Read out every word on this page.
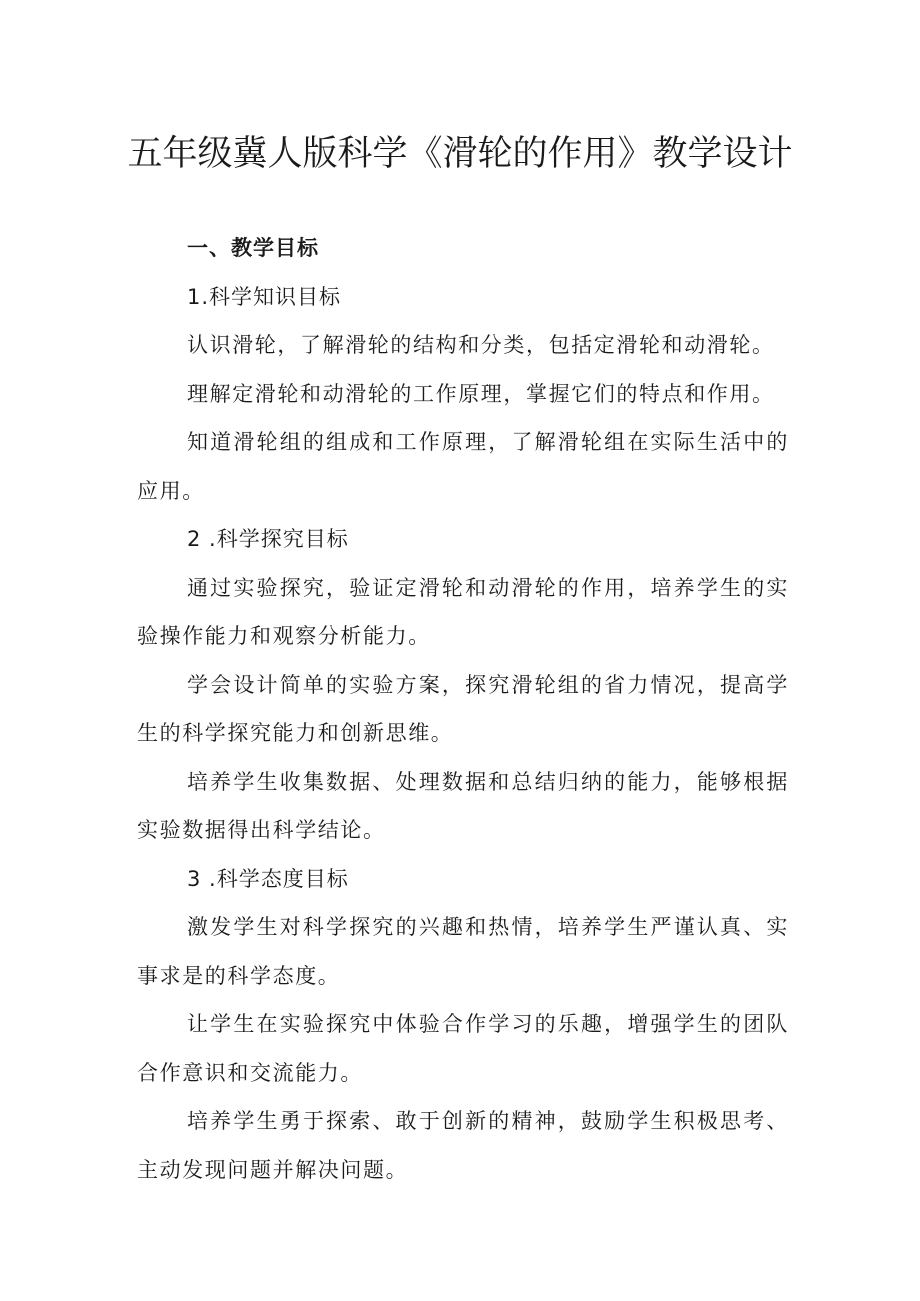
五年级冀人版科学《滑轮的作用》教学设计

一、教学目标

1.科学知识目标

认识滑轮，了解滑轮的结构和分类，包括定滑轮和动滑轮。

理解定滑轮和动滑轮的工作原理，掌握它们的特点和作用。

知道滑轮组的组成和工作原理，了解滑轮组在实际生活中的应用。

2 .科学探究目标

通过实验探究，验证定滑轮和动滑轮的作用，培养学生的实验操作能力和观察分析能力。

学会设计简单的实验方案，探究滑轮组的省力情况，提高学生的科学探究能力和创新思维。

培养学生收集数据、处理数据和总结归纳的能力，能够根据实验数据得出科学结论。

3 .科学态度目标

激发学生对科学探究的兴趣和热情，培养学生严谨认真、实事求是的科学态度。

让学生在实验探究中体验合作学习的乐趣，增强学生的团队合作意识和交流能力。

培养学生勇于探索、敢于创新的精神，鼓励学生积极思考、主动发现问题并解决问题。
